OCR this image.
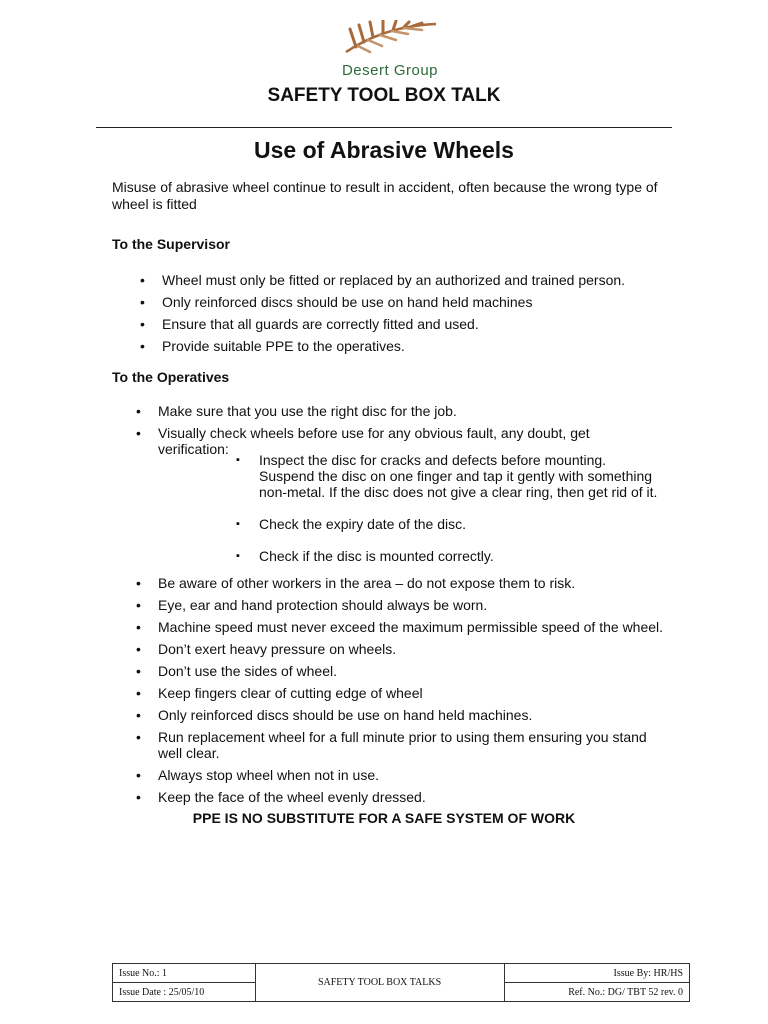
Desert Group
SAFETY TOOL BOX TALK
Use of Abrasive Wheels
Misuse of abrasive wheel continue to result in accident, often because the wrong type of wheel is fitted
To the Supervisor
• Wheel must only be fitted or replaced by an authorized and trained person.
• Only reinforced discs should be use on hand held machines
• Ensure that all guards are correctly fitted and used.
• Provide suitable PPE to the operatives.
To the Operatives
• Make sure that you use the right disc for the job.
• Visually check wheels before use for any obvious fault, any doubt, get verification:
▪ Inspect the disc for cracks and defects before mounting. Suspend the disc on one finger and tap it gently with something non-metal. If the disc does not give a clear ring, then get rid of it.
▪ Check the expiry date of the disc.
▪ Check if the disc is mounted correctly.
• Be aware of other workers in the area – do not expose them to risk.
• Eye, ear and hand protection should always be worn.
• Machine speed must never exceed the maximum permissible speed of the wheel.
• Don’t exert heavy pressure on wheels.
• Don’t use the sides of wheel.
• Keep fingers clear of cutting edge of wheel
• Only reinforced discs should be use on hand held machines.
• Run replacement wheel for a full minute prior to using them ensuring you stand well clear.
• Always stop wheel when not in use.
• Keep the face of the wheel evenly dressed.
PPE IS NO SUBSTITUTE FOR A SAFE SYSTEM OF WORK
Issue No.: 1	SAFETY TOOL BOX TALKS	Issue By: HR/HS
Issue Date : 25/05/10		Ref. No.: DG/ TBT 52 rev. 0
